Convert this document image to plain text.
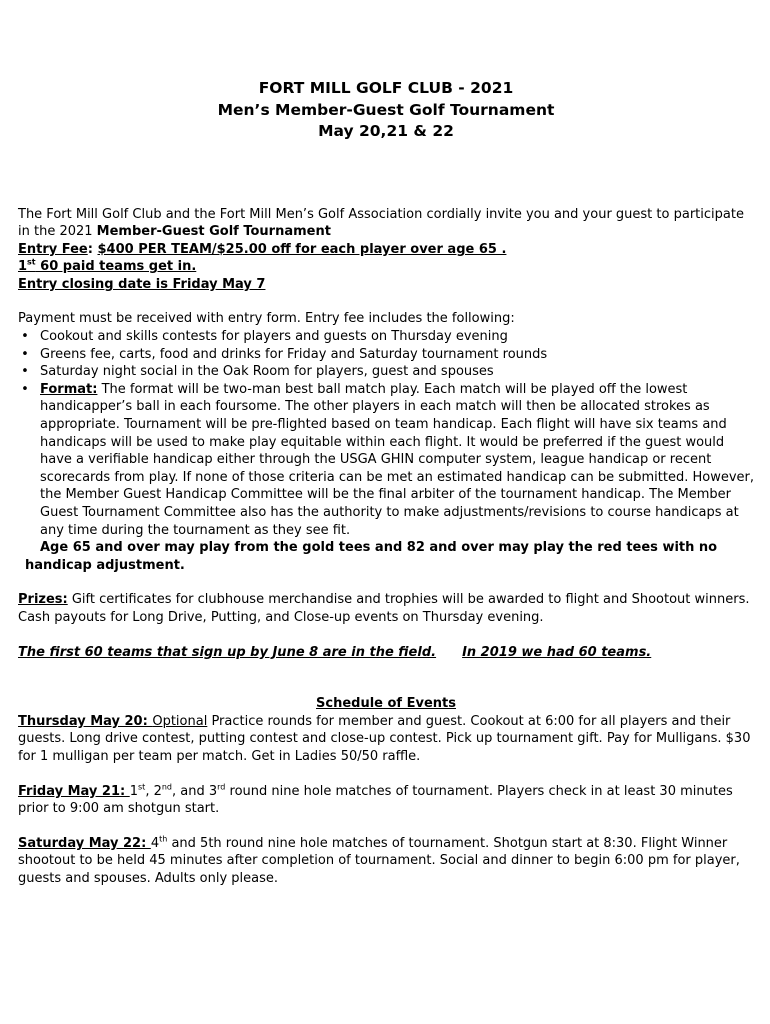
FORT MILL GOLF CLUB - 2021
Men’s Member-Guest Golf Tournament
May 20,21 & 22

The Fort Mill Golf Club and the Fort Mill Men’s Golf Association cordially invite you and your guest to participate in the 2021 Member-Guest Golf Tournament

Entry Fee: $400 PER TEAM/$25.00 off for each player over age 65 .

1st 60 paid teams get in.

Entry closing date is Friday May 7

Payment must be received with entry form. Entry fee includes the following:

• Cookout and skills contests for players and guests on Thursday evening
• Greens fee, carts, food and drinks for Friday and Saturday tournament rounds
• Saturday night social in the Oak Room for players, guest and spouses
• Format: The format will be two-man best ball match play. Each match will be played off the lowest handicapper’s ball in each foursome. The other players in each match will then be allocated strokes as appropriate. Tournament will be pre-flighted based on team handicap. Each flight will have six teams and handicaps will be used to make play equitable within each flight. It would be preferred if the guest would have a verifiable handicap either through the USGA GHIN computer system, league handicap or recent scorecards from play. If none of those criteria can be met an estimated handicap can be submitted. However, the Member Guest Handicap Committee will be the final arbiter of the tournament handicap. The Member Guest Tournament Committee also has the authority to make adjustments/revisions to course handicaps at any time during the tournament as they see fit.

Age 65 and over may play from the gold tees and 82 and over may play the red tees with no

handicap adjustment.

Prizes: Gift certificates for clubhouse merchandise and trophies will be awarded to flight and Shootout winners. Cash payouts for Long Drive, Putting, and Close-up events on Thursday evening.

The first 60 teams that sign up by June 8 are in the field. In 2019 we had 60 teams.

Schedule of Events

Thursday May 20: Optional Practice rounds for member and guest. Cookout at 6:00 for all players and their guests. Long drive contest, putting contest and close-up contest. Pick up tournament gift. Pay for Mulligans. $30 for 1 mulligan per team per match. Get in Ladies 50/50 raffle.

Friday May 21: 1st, 2nd, and 3rd round nine hole matches of tournament. Players check in at least 30 minutes prior to 9:00 am shotgun start.

Saturday May 22: 4th and 5th round nine hole matches of tournament. Shotgun start at 8:30. Flight Winner shootout to be held 45 minutes after completion of tournament. Social and dinner to begin 6:00 pm for player, guests and spouses. Adults only please.
